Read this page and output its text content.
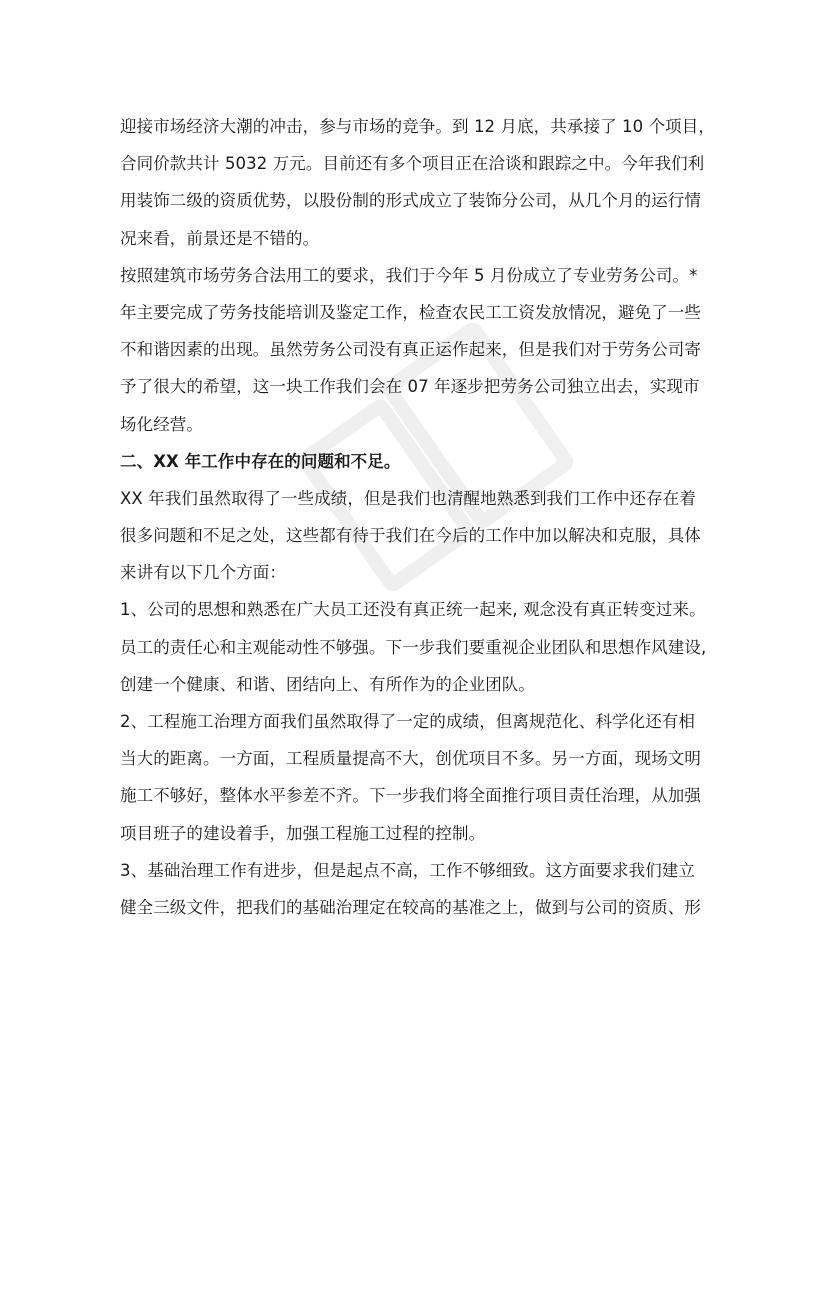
迎接市场经济大潮的冲击，参与市场的竞争。到 12 月底，共承接了 10 个项目，
合同价款共计 5032 万元。目前还有多个项目正在洽谈和跟踪之中。今年我们利
用装饰二级的资质优势，以股份制的形式成立了装饰分公司，从几个月的运行情
况来看，前景还是不错的。
按照建筑市场劳务合法用工的要求，我们于今年 5 月份成立了专业劳务公司。*
年主要完成了劳务技能培训及鉴定工作，检查农民工工资发放情况，避免了一些
不和谐因素的出现。虽然劳务公司没有真正运作起来，但是我们对于劳务公司寄
予了很大的希望，这一块工作我们会在 07 年逐步把劳务公司独立出去，实现市
场化经营。
二、XX 年工作中存在的问题和不足。
XX 年我们虽然取得了一些成绩，但是我们也清醒地熟悉到我们工作中还存在着
很多问题和不足之处，这些都有待于我们在今后的工作中加以解决和克服，具体
来讲有以下几个方面：
1、公司的思想和熟悉在广大员工还没有真正统一起来, 观念没有真正转变过来。
员工的责任心和主观能动性不够强。下一步我们要重视企业团队和思想作风建设,
创建一个健康、和谐、团结向上、有所作为的企业团队。
2、工程施工治理方面我们虽然取得了一定的成绩，但离规范化、科学化还有相
当大的距离。一方面，工程质量提高不大，创优项目不多。另一方面，现场文明
施工不够好，整体水平参差不齐。下一步我们将全面推行项目责任治理，从加强
项目班子的建设着手，加强工程施工过程的控制。
3、基础治理工作有进步，但是起点不高，工作不够细致。这方面要求我们建立
健全三级文件，把我们的基础治理定在较高的基准之上，做到与公司的资质、形
